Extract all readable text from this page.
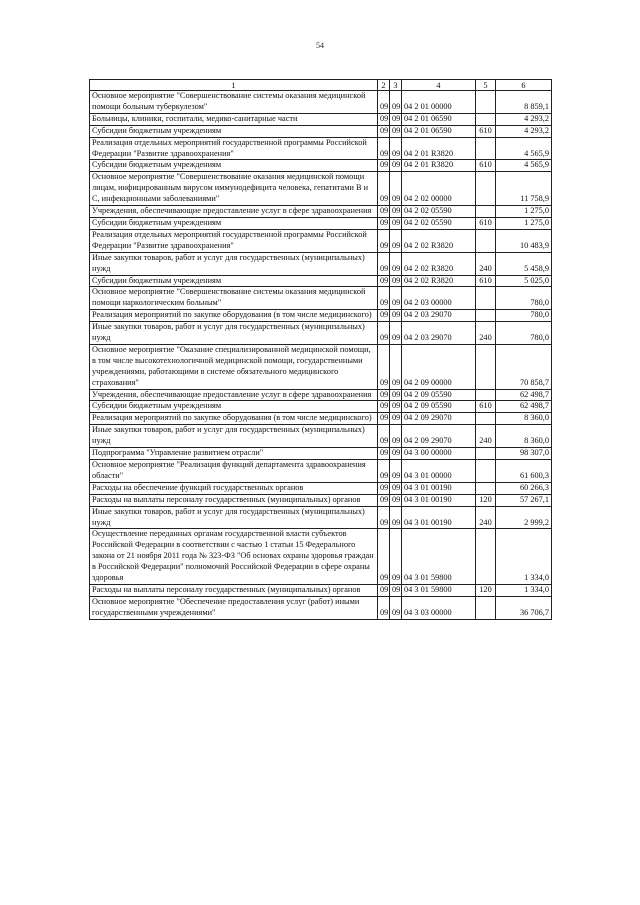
54
1	2	3	4	5	6
Основное мероприятие "Совершенствование системы оказания медицинской помощи больным туберкулезом"	09	09	04 2 01 00000		8 859,1
Больницы, клиники, госпитали, медико-санитарные части	09	09	04 2 01 06590		4 293,2
Субсидии бюджетным учреждениям	09	09	04 2 01 06590	610	4 293,2
Реализация отдельных мероприятий государственной программы Российской Федерации "Развитие здравоохранения"	09	09	04 2 01 R3820		4 565,9
Субсидии бюджетным учреждениям	09	09	04 2 01 R3820	610	4 565,9
Основное мероприятие "Совершенствование оказания медицинской помощи лицам, инфицированным вирусом иммунодефицита человека, гепатитами В и С, инфекционными заболеваниями"	09	09	04 2 02 00000		11 758,9
Учреждения, обеспечивающие предоставление услуг в сфере здравоохранения	09	09	04 2 02 05590		1 275,0
Субсидии бюджетным учреждениям	09	09	04 2 02 05590	610	1 275,0
Реализация отдельных мероприятий государственной программы Российской Федерации "Развитие здравоохранения"	09	09	04 2 02 R3820		10 483,9
Иные закупки товаров, работ и услуг для государственных (муниципальных) нужд	09	09	04 2 02 R3820	240	5 458,9
Субсидии бюджетным учреждениям	09	09	04 2 02 R3820	610	5 025,0
Основное мероприятие "Совершенствование системы оказания медицинской помощи наркологическим больным"	09	09	04 2 03 00000		780,0
Реализация мероприятий по закупке оборудования (в том числе медицинского)	09	09	04 2 03 29070		780,0
Иные закупки товаров, работ и услуг для государственных (муниципальных) нужд	09	09	04 2 03 29070	240	780,0
Основное мероприятие "Оказание специализированной медицинской помощи, в том числе высокотехнологичной медицинской помощи, государственными учреждениями, работающими в системе обязательного медицинского страхования"	09	09	04 2 09 00000		70 858,7
Учреждения, обеспечивающие предоставление услуг в сфере здравоохранения	09	09	04 2 09 05590		62 498,7
Субсидии бюджетным учреждениям	09	09	04 2 09 05590	610	62 498,7
Реализация мероприятий по закупке оборудования (в том числе медицинского)	09	09	04 2 09 29070		8 360,0
Иные закупки товаров, работ и услуг для государственных (муниципальных) нужд	09	09	04 2 09 29070	240	8 360,0
Подпрограмма "Управление развитием отрасли"	09	09	04 3 00 00000		98 307,0
Основное мероприятие "Реализация функций департамента здравоохранения области"	09	09	04 3 01 00000		61 600,3
Расходы на обеспечение функций государственных органов	09	09	04 3 01 00190		60 266,3
Расходы на выплаты персоналу государственных (муниципальных) органов	09	09	04 3 01 00190	120	57 267,1
Иные закупки товаров, работ и услуг для государственных (муниципальных) нужд	09	09	04 3 01 00190	240	2 999,2
Осуществление переданных органам государственной власти субъектов Российской Федерации в соответствии с частью 1 статьи 15 Федерального закона от 21 ноября 2011 года № 323-ФЗ "Об основах охраны здоровья граждан в Российской Федерации" полномочий Российской Федерации в сфере охраны здоровья	09	09	04 3 01 59800		1 334,0
Расходы на выплаты персоналу государственных (муниципальных) органов	09	09	04 3 01 59800	120	1 334,0
Основное мероприятие "Обеспечение предоставления услуг (работ) иными государственными учреждениями"	09	09	04 3 03 00000		36 706,7
